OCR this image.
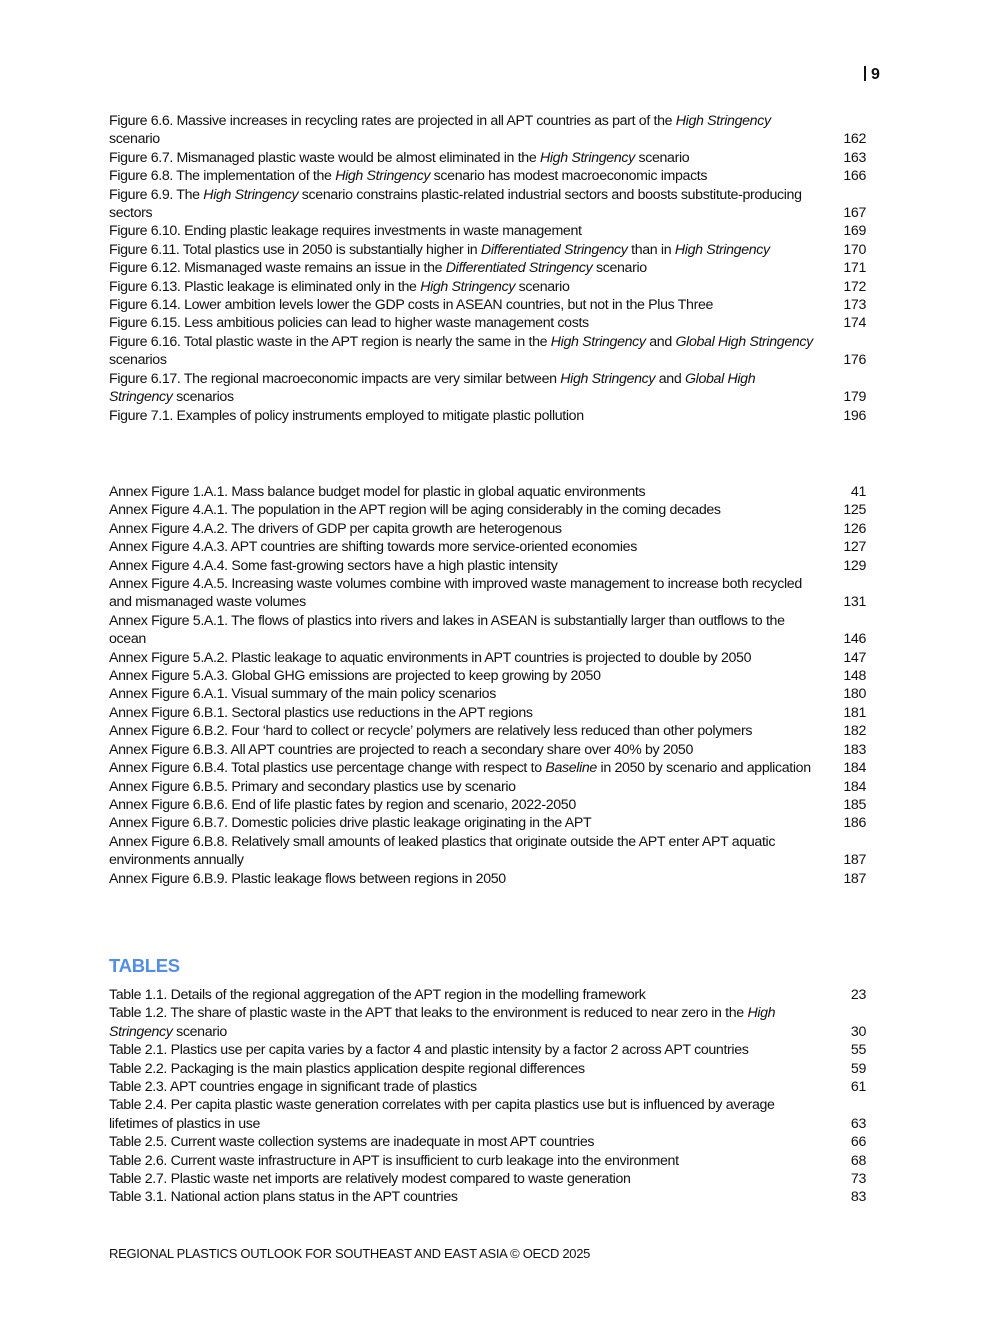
9
Figure 6.6. Massive increases in recycling rates are projected in all APT countries as part of the High Stringency scenario	162
Figure 6.7. Mismanaged plastic waste would be almost eliminated in the High Stringency scenario	163
Figure 6.8. The implementation of the High Stringency scenario has modest macroeconomic impacts	166
Figure 6.9. The High Stringency scenario constrains plastic-related industrial sectors and boosts substitute-producing sectors	167
Figure 6.10. Ending plastic leakage requires investments in waste management	169
Figure 6.11. Total plastics use in 2050 is substantially higher in Differentiated Stringency than in High Stringency	170
Figure 6.12. Mismanaged waste remains an issue in the Differentiated Stringency scenario	171
Figure 6.13. Plastic leakage is eliminated only in the High Stringency scenario	172
Figure 6.14. Lower ambition levels lower the GDP costs in ASEAN countries, but not in the Plus Three	173
Figure 6.15. Less ambitious policies can lead to higher waste management costs	174
Figure 6.16. Total plastic waste in the APT region is nearly the same in the High Stringency and Global High Stringency scenarios	176
Figure 6.17. The regional macroeconomic impacts are very similar between High Stringency and Global High Stringency scenarios	179
Figure 7.1. Examples of policy instruments employed to mitigate plastic pollution	196
Annex Figure 1.A.1. Mass balance budget model for plastic in global aquatic environments	41
Annex Figure 4.A.1. The population in the APT region will be aging considerably in the coming decades	125
Annex Figure 4.A.2. The drivers of GDP per capita growth are heterogenous	126
Annex Figure 4.A.3. APT countries are shifting towards more service-oriented economies	127
Annex Figure 4.A.4. Some fast-growing sectors have a high plastic intensity	129
Annex Figure 4.A.5. Increasing waste volumes combine with improved waste management to increase both recycled and mismanaged waste volumes	131
Annex Figure 5.A.1. The flows of plastics into rivers and lakes in ASEAN is substantially larger than outflows to the ocean	146
Annex Figure 5.A.2. Plastic leakage to aquatic environments in APT countries is projected to double by 2050	147
Annex Figure 5.A.3. Global GHG emissions are projected to keep growing by 2050	148
Annex Figure 6.A.1. Visual summary of the main policy scenarios	180
Annex Figure 6.B.1. Sectoral plastics use reductions in the APT regions	181
Annex Figure 6.B.2. Four ‘hard to collect or recycle’ polymers are relatively less reduced than other polymers	182
Annex Figure 6.B.3. All APT countries are projected to reach a secondary share over 40% by 2050	183
Annex Figure 6.B.4. Total plastics use percentage change with respect to Baseline in 2050 by scenario and application	184
Annex Figure 6.B.5. Primary and secondary plastics use by scenario	184
Annex Figure 6.B.6. End of life plastic fates by region and scenario, 2022-2050	185
Annex Figure 6.B.7. Domestic policies drive plastic leakage originating in the APT	186
Annex Figure 6.B.8. Relatively small amounts of leaked plastics that originate outside the APT enter APT aquatic environments annually	187
Annex Figure 6.B.9. Plastic leakage flows between regions in 2050	187
TABLES
Table 1.1. Details of the regional aggregation of the APT region in the modelling framework	23
Table 1.2. The share of plastic waste in the APT that leaks to the environment is reduced to near zero in the High Stringency scenario	30
Table 2.1. Plastics use per capita varies by a factor 4 and plastic intensity by a factor 2 across APT countries	55
Table 2.2. Packaging is the main plastics application despite regional differences	59
Table 2.3. APT countries engage in significant trade of plastics	61
Table 2.4. Per capita plastic waste generation correlates with per capita plastics use but is influenced by average lifetimes of plastics in use	63
Table 2.5. Current waste collection systems are inadequate in most APT countries	66
Table 2.6. Current waste infrastructure in APT is insufficient to curb leakage into the environment	68
Table 2.7. Plastic waste net imports are relatively modest compared to waste generation	73
Table 3.1. National action plans status in the APT countries	83
REGIONAL PLASTICS OUTLOOK FOR SOUTHEAST AND EAST ASIA © OECD 2025
